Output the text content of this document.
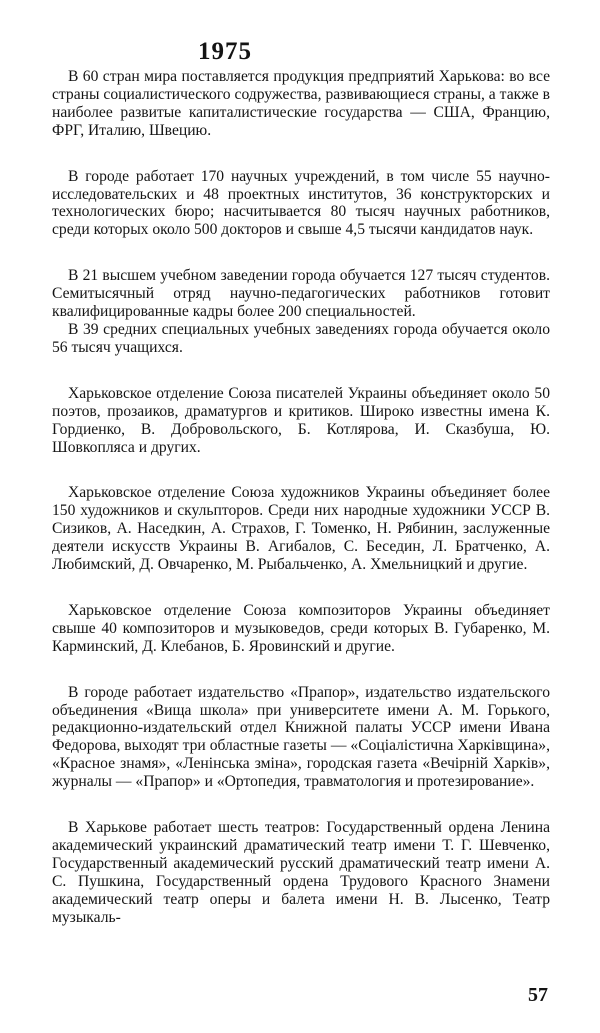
1975

В 60 стран мира поставляется продукция предприятий Харькова: во все страны социалистического содружества, развивающиеся страны, а также в наиболее развитые капиталистические государства — США, Францию, ФРГ, Италию, Швецию.

В городе работает 170 научных учреждений, в том числе 55 научно-исследовательских и 48 проектных институтов, 36 конструкторских и технологических бюро; насчитывается 80 тысяч научных работников, среди которых около 500 докторов и свыше 4,5 тысячи кандидатов наук.

В 21 высшем учебном заведении города обучается 127 тысяч студентов. Семитысячный отряд научно-педагогических работников готовит квалифицированные кадры более 200 специальностей.

В 39 средних специальных учебных заведениях города обучается около 56 тысяч учащихся.

Харьковское отделение Союза писателей Украины объединяет около 50 поэтов, прозаиков, драматургов и критиков. Широко известны имена К. Гордиенко, В. Добровольского, Б. Котлярова, И. Сказбуша, Ю. Шовкопляса и других.

Харьковское отделение Союза художников Украины объединяет более 150 художников и скульпторов. Среди них народные художники УССР В. Сизиков, А. Наседкин, А. Страхов, Г. Томенко, Н. Рябинин, заслуженные деятели искусств Украины В. Агибалов, С. Беседин, Л. Братченко, А. Любимский, Д. Овчаренко, М. Рыбальченко, А. Хмельницкий и другие.

Харьковское отделение Союза композиторов Украины объединяет свыше 40 композиторов и музыковедов, среди которых В. Губаренко, М. Карминский, Д. Клебанов, Б. Яровинский и другие.

В городе работает издательство «Прапор», издательство издательского объединения «Вища школа» при университете имени А. М. Горького, редакционно-издательский отдел Книжной палаты УССР имени Ивана Федорова, выходят три областные газеты — «Соціалістична Харківщина», «Красное знамя», «Ленінська зміна», городская газета «Вечірній Харків», журналы — «Прапор» и «Ортопедия, травматология и протезирование».

В Харькове работает шесть театров: Государственный ордена Ленина академический украинский драматический театр имени Т. Г. Шевченко, Государственный академический русский драматический театр имени А. С. Пушкина, Государственный ордена Трудового Красного Знамени академический театр оперы и балета имени Н. В. Лысенко, Театр музыкаль-

57
